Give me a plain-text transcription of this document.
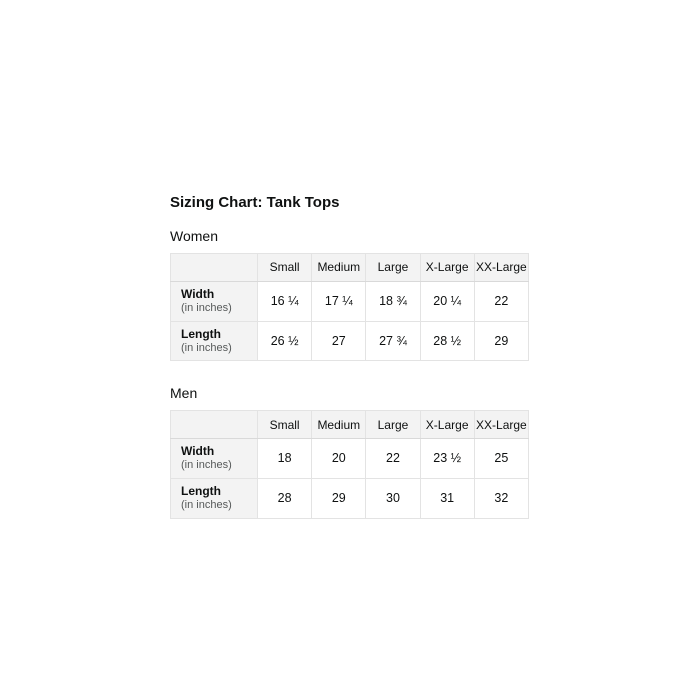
Sizing Chart: Tank Tops
Women
	Small	Medium	Large	X-Large	XX-Large

Width
(in inches)	16 ¼	17 ¼	18 ¾	20 ¼	22

Length
(in inches)	26 ½	27	27 ¾	28 ½	29
Men
	Small	Medium	Large	X-Large	XX-Large

Width
(in inches)	18	20	22	23 ½	25

Length
(in inches)	28	29	30	31	32
